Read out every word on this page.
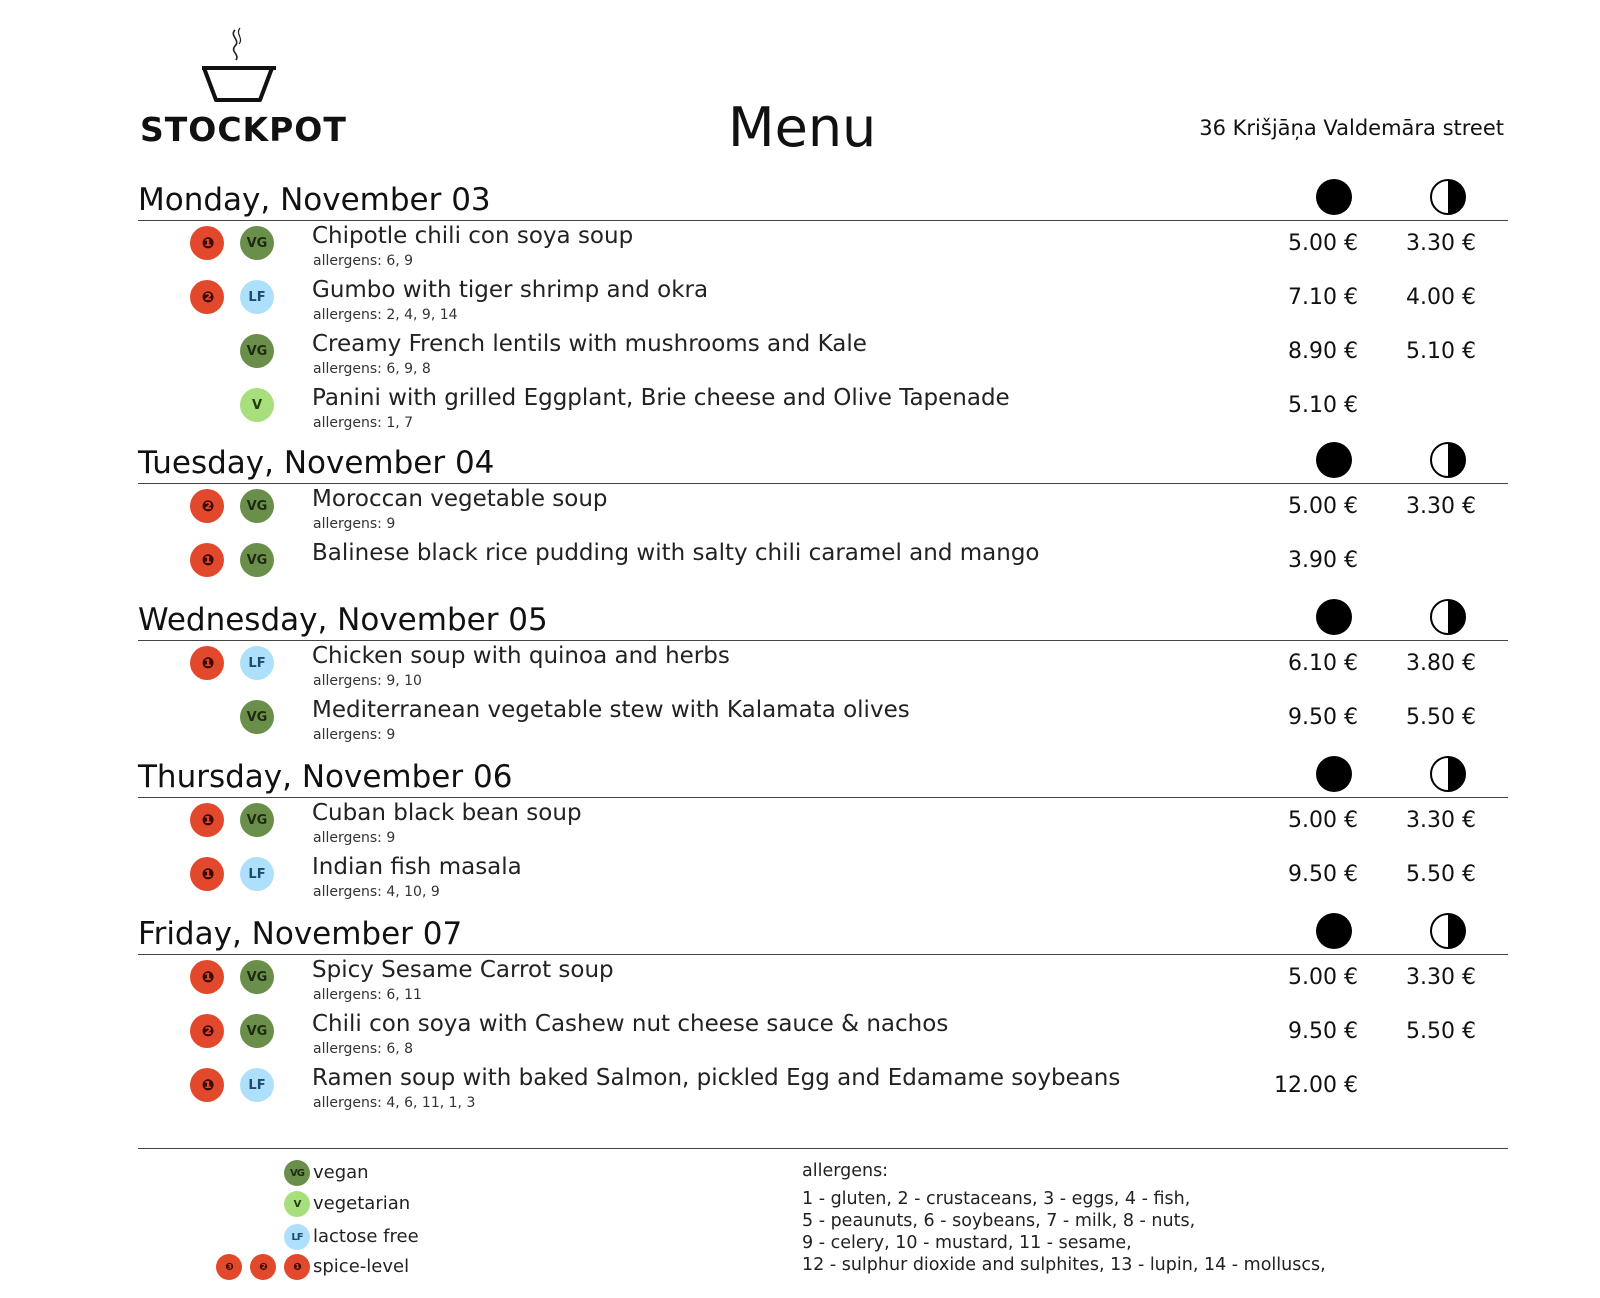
STOCKPOT	Menu	36 Krišjāņa Valdemāra street
Monday, November 03
❶	VG Chipotle chili con soya soup
allergens: 6, 9
5.00 € 3.30 €
❷	LF	Gumbo with tiger shrimp and okra
allergens: 2, 4, 9, 14
7.10 € 4.00 €
VG Creamy French lentils with mushrooms and Kale
allergens: 6, 9, 8
8.90 € 5.10 €
V	Panini with grilled Eggplant, Brie cheese and Olive Tapenade
allergens: 1, 7
5.10 €
Tuesday, November 04
❷	VG Moroccan vegetable soup
allergens: 9
5.00 € 3.30 €
❶	VG Balinese black rice pudding with salty chili caramel and mango	3.90 €
Wednesday, November 05
❶	LF	Chicken soup with quinoa and herbs
allergens: 9, 10
6.10 € 3.80 €
VG Mediterranean vegetable stew with Kalamata olives
allergens: 9
9.50 € 5.50 €
Thursday, November 06
❶	VG Cuban black bean soup
allergens: 9
5.00 € 3.30 €
❶	LF	Indian fish masala
allergens: 4, 10, 9
9.50 € 5.50 €
Friday, November 07
❶	VG Spicy Sesame Carrot soup
allergens: 6, 11
5.00 € 3.30 €
❷	VG Chili con soya with Cashew nut cheese sauce & nachos
allergens: 6, 8
9.50 € 5.50 €
❶	LF	Ramen soup with baked Salmon, pickled Egg and Edamame soybeans
allergens: 4, 6, 11, 1, 3
12.00 €
VG vegan
V vegetarian
LF lactose free
❸	❷	❶ spice-level
allergens:
1 - gluten, 2 - crustaceans, 3 - eggs, 4 - fish,
5 - peaunuts, 6 - soybeans, 7 - milk, 8 - nuts,
9 - celery, 10 - mustard, 11 - sesame,
12 - sulphur dioxide and sulphites, 13 - lupin, 14 - molluscs,
